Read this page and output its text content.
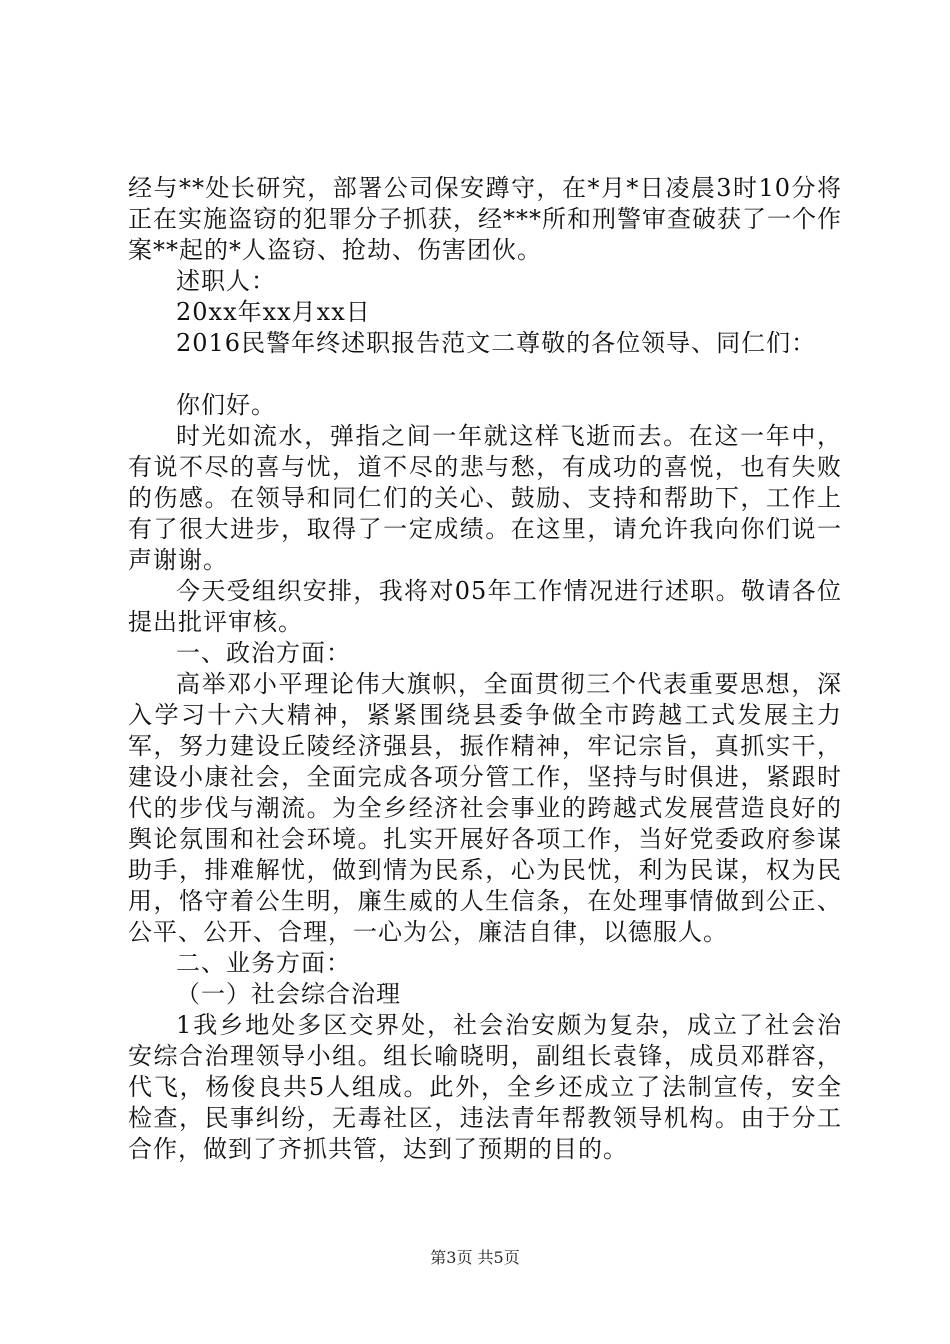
经与**处长研究，部署公司保安蹲守，在*月*日凌晨3时10分将正在实施盗窃的犯罪分子抓获，经***所和刑警审查破获了一个作案**起的*人盗窃、抢劫、伤害团伙。

述职人：

20xx年xx月xx日

2016民警年终述职报告范文二尊敬的各位领导、同仁们：

你们好。

时光如流水，弹指之间一年就这样飞逝而去。在这一年中，有说不尽的喜与忧，道不尽的悲与愁，有成功的喜悦，也有失败的伤感。在领导和同仁们的关心、鼓励、支持和帮助下，工作上有了很大进步，取得了一定成绩。在这里，请允许我向你们说一声谢谢。

今天受组织安排，我将对05年工作情况进行述职。敬请各位提出批评审核。

一、政治方面：

高举邓小平理论伟大旗帜，全面贯彻三个代表重要思想，深入学习十六大精神，紧紧围绕县委争做全市跨越工式发展主力军，努力建设丘陵经济强县，振作精神，牢记宗旨，真抓实干，建设小康社会，全面完成各项分管工作，坚持与时俱进，紧跟时代的步伐与潮流。为全乡经济社会事业的跨越式发展营造良好的舆论氛围和社会环境。扎实开展好各项工作，当好党委政府参谋助手，排难解忧，做到情为民系，心为民忧，利为民谋，权为民用，恪守着公生明，廉生威的人生信条，在处理事情做到公正、公平、公开、合理，一心为公，廉洁自律，以德服人。

二、业务方面：

（一）社会综合治理

1我乡地处多区交界处，社会治安颇为复杂，成立了社会治安综合治理领导小组。组长喻晓明，副组长袁锋，成员邓群容，代飞，杨俊良共5人组成。此外，全乡还成立了法制宣传，安全检查，民事纠纷，无毒社区，违法青年帮教领导机构。由于分工合作，做到了齐抓共管，达到了预期的目的。

第3页 共5页
